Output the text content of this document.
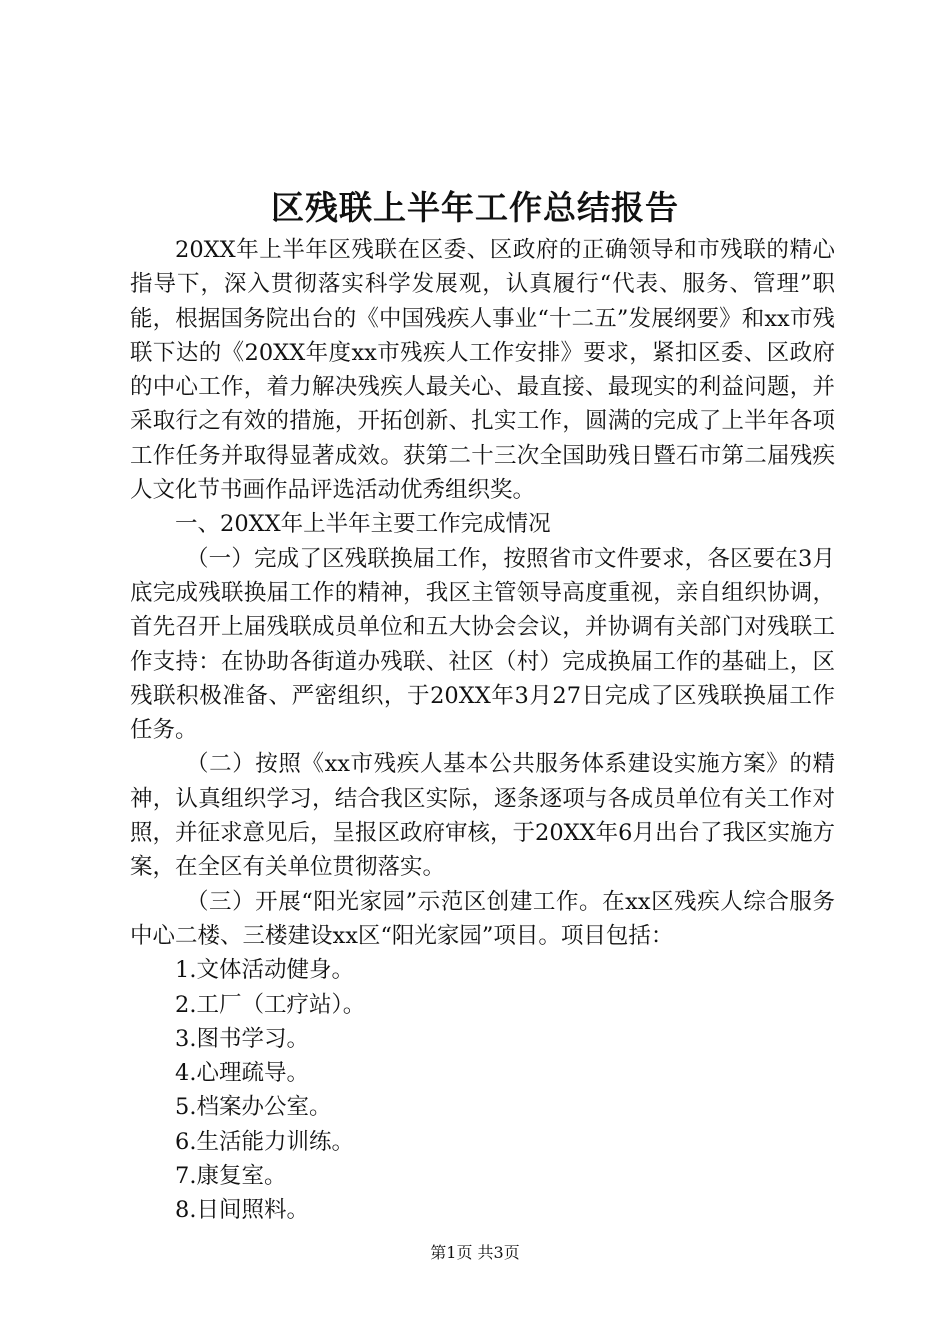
区残联上半年工作总结报告

20XX年上半年区残联在区委、区政府的正确领导和市残联的精心指导下，深入贯彻落实科学发展观，认真履行“代表、服务、管理”职能，根据国务院出台的《中国残疾人事业“十二五”发展纲要》和xx市残联下达的《20XX年度xx市残疾人工作安排》要求，紧扣区委、区政府的中心工作，着力解决残疾人最关心、最直接、最现实的利益问题，并采取行之有效的措施，开拓创新、扎实工作，圆满的完成了上半年各项工作任务并取得显著成效。获第二十三次全国助残日暨石市第二届残疾人文化节书画作品评选活动优秀组织奖。

一、20XX年上半年主要工作完成情况

（一）完成了区残联换届工作，按照省市文件要求，各区要在3月底完成残联换届工作的精神，我区主管领导高度重视，亲自组织协调，首先召开上届残联成员单位和五大协会会议，并协调有关部门对残联工作支持：在协助各街道办残联、社区（村）完成换届工作的基础上，区残联积极准备、严密组织，于20XX年3月27日完成了区残联换届工作任务。

（二）按照《xx市残疾人基本公共服务体系建设实施方案》的精神，认真组织学习，结合我区实际，逐条逐项与各成员单位有关工作对照，并征求意见后，呈报区政府审核，于20XX年6月出台了我区实施方案，在全区有关单位贯彻落实。

（三）开展“阳光家园”示范区创建工作。在xx区残疾人综合服务中心二楼、三楼建设xx区“阳光家园”项目。项目包括：

1.文体活动健身。

2.工厂（工疗站）。

3.图书学习。

4.心理疏导。

5.档案办公室。

6.生活能力训练。

7.康复室。

8.日间照料。

第1页 共3页
